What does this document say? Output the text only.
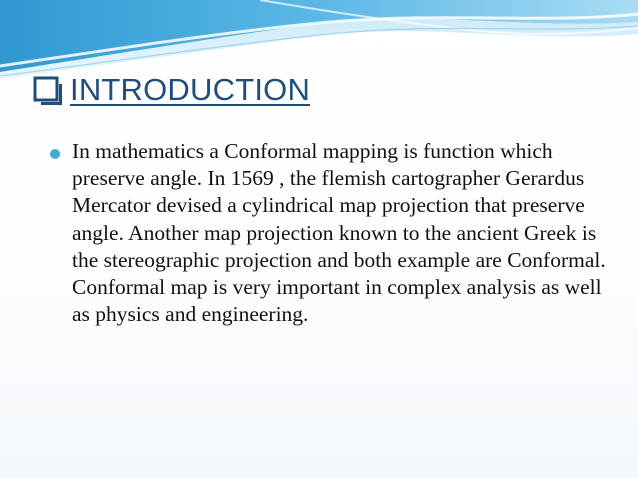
INTRODUCTION
In mathematics a Conformal mapping is function which preserve angle. In 1569 , the flemish cartographer Gerardus Mercator devised a cylindrical map projection that preserve angle. Another map projection known to the ancient Greek is the stereographic projection and both example are Conformal. Conformal map is very important in complex analysis as well as physics and engineering.
